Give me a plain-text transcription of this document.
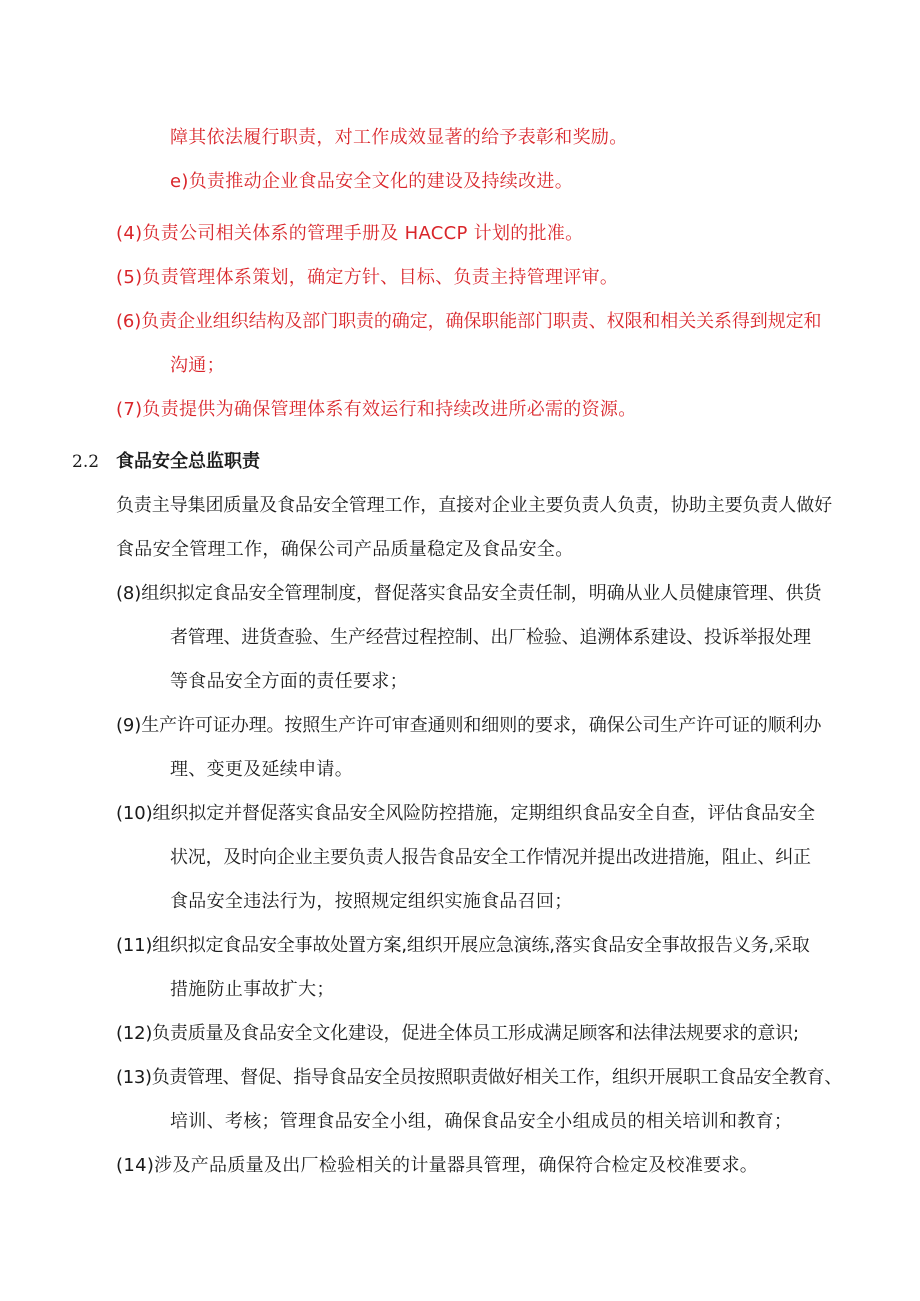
障其依法履行职责，对工作成效显著的给予表彰和奖励。
e)负责推动企业食品安全文化的建设及持续改进。
(4)负责公司相关体系的管理手册及 HACCP 计划的批准。
(5)负责管理体系策划，确定方针、目标、负责主持管理评审。
(6)负责企业组织结构及部门职责的确定，确保职能部门职责、权限和相关关系得到规定和
沟通；
(7)负责提供为确保管理体系有效运行和持续改进所必需的资源。
2.2 食品安全总监职责
负责主导集团质量及食品安全管理工作，直接对企业主要负责人负责，协助主要负责人做好
食品安全管理工作，确保公司产品质量稳定及食品安全。
(8)组织拟定食品安全管理制度，督促落实食品安全责任制，明确从业人员健康管理、供货
者管理、进货查验、生产经营过程控制、出厂检验、追溯体系建设、投诉举报处理
等食品安全方面的责任要求；
(9)生产许可证办理。按照生产许可审查通则和细则的要求，确保公司生产许可证的顺利办
理、变更及延续申请。
(10)组织拟定并督促落实食品安全风险防控措施，定期组织食品安全自查，评估食品安全
状况，及时向企业主要负责人报告食品安全工作情况并提出改进措施，阻止、纠正
食品安全违法行为，按照规定组织实施食品召回；
(11)组织拟定食品安全事故处置方案,组织开展应急演练,落实食品安全事故报告义务,采取
措施防止事故扩大；
(12)负责质量及食品安全文化建设，促进全体员工形成满足顾客和法律法规要求的意识;
(13)负责管理、督促、指导食品安全员按照职责做好相关工作，组织开展职工食品安全教育、
培训、考核；管理食品安全小组，确保食品安全小组成员的相关培训和教育；
(14)涉及产品质量及出厂检验相关的计量器具管理，确保符合检定及校准要求。
